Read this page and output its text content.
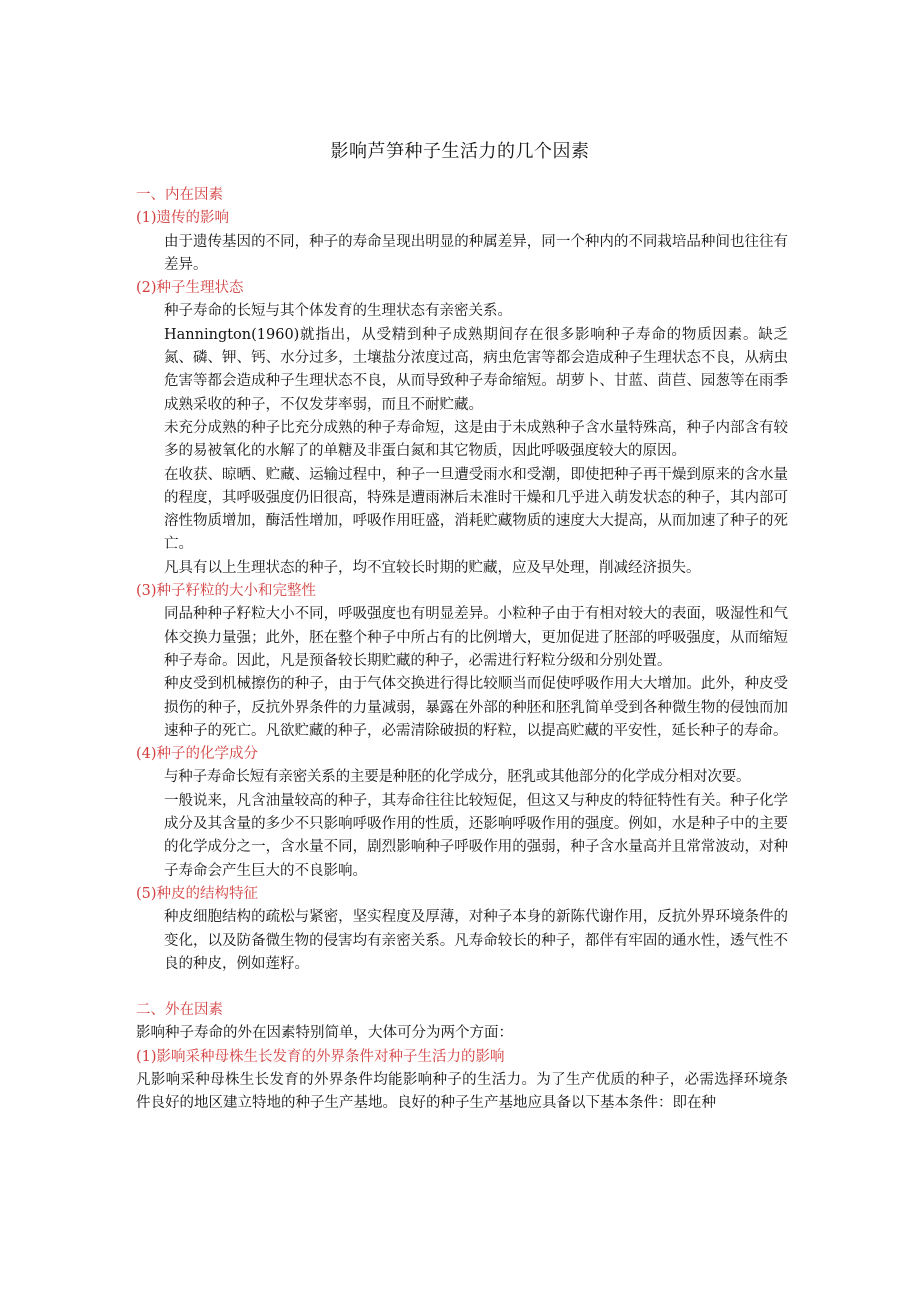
影响芦笋种子生活力的几个因素

一、内在因素

(1)遗传的影响

由于遗传基因的不同，种子的寿命呈现出明显的种属差异，同一个种内的不同栽培品种间也往往有差异。

(2)种子生理状态

种子寿命的长短与其个体发育的生理状态有亲密关系。

Hannington(1960)就指出，从受精到种子成熟期间存在很多影响种子寿命的物质因素。缺乏氮、磷、钾、钙、水分过多，土壤盐分浓度过高，病虫危害等都会造成种子生理状态不良，从病虫危害等都会造成种子生理状态不良，从而导致种子寿命缩短。胡萝卜、甘蓝、茴苣、园葱等在雨季成熟采收的种子，不仅发芽率弱，而且不耐贮藏。

未充分成熟的种子比充分成熟的种子寿命短，这是由于未成熟种子含水量特殊高，种子内部含有较多的易被氧化的水解了的单糖及非蛋白氮和其它物质，因此呼吸强度较大的原因。

在收获、晾晒、贮藏、运输过程中，种子一旦遭受雨水和受潮，即使把种子再干燥到原来的含水量的程度，其呼吸强度仍旧很高，特殊是遭雨淋后未准时干燥和几乎进入萌发状态的种子，其内部可溶性物质增加，酶活性增加，呼吸作用旺盛，消耗贮藏物质的速度大大提高，从而加速了种子的死亡。

凡具有以上生理状态的种子，均不宜较长时期的贮藏，应及早处理，削减经济损失。

(3)种子籽粒的大小和完整性

同品种种子籽粒大小不同，呼吸强度也有明显差异。小粒种子由于有相对较大的表面，吸湿性和气体交换力量强；此外，胚在整个种子中所占有的比例增大，更加促进了胚部的呼吸强度，从而缩短种子寿命。因此，凡是预备较长期贮藏的种子，必需进行籽粒分级和分别处置。

种皮受到机械擦伤的种子，由于气体交换进行得比较顺当而促使呼吸作用大大增加。此外，种皮受损伤的种子，反抗外界条件的力量减弱，暴露在外部的种胚和胚乳简单受到各种微生物的侵蚀而加速种子的死亡。凡欲贮藏的种子，必需清除破损的籽粒，以提高贮藏的平安性，延长种子的寿命。

(4)种子的化学成分

与种子寿命长短有亲密关系的主要是种胚的化学成分，胚乳或其他部分的化学成分相对次要。

一般说来，凡含油量较高的种子，其寿命往往比较短促，但这又与种皮的特征特性有关。种子化学成分及其含量的多少不只影响呼吸作用的性质，还影响呼吸作用的强度。例如，水是种子中的主要的化学成分之一，含水量不同，剧烈影响种子呼吸作用的强弱，种子含水量高并且常常波动，对种子寿命会产生巨大的不良影响。

(5)种皮的结构特征

种皮细胞结构的疏松与紧密，坚实程度及厚薄，对种子本身的新陈代谢作用，反抗外界环境条件的变化，以及防备微生物的侵害均有亲密关系。凡寿命较长的种子，都伴有牢固的通水性，透气性不良的种皮，例如莲籽。

二、外在因素

影响种子寿命的外在因素特别简单，大体可分为两个方面：

(1)影响采种母株生长发育的外界条件对种子生活力的影响

凡影响采种母株生长发育的外界条件均能影响种子的生活力。为了生产优质的种子，必需选择环境条件良好的地区建立特地的种子生产基地。良好的种子生产基地应具备以下基本条件：即在种
